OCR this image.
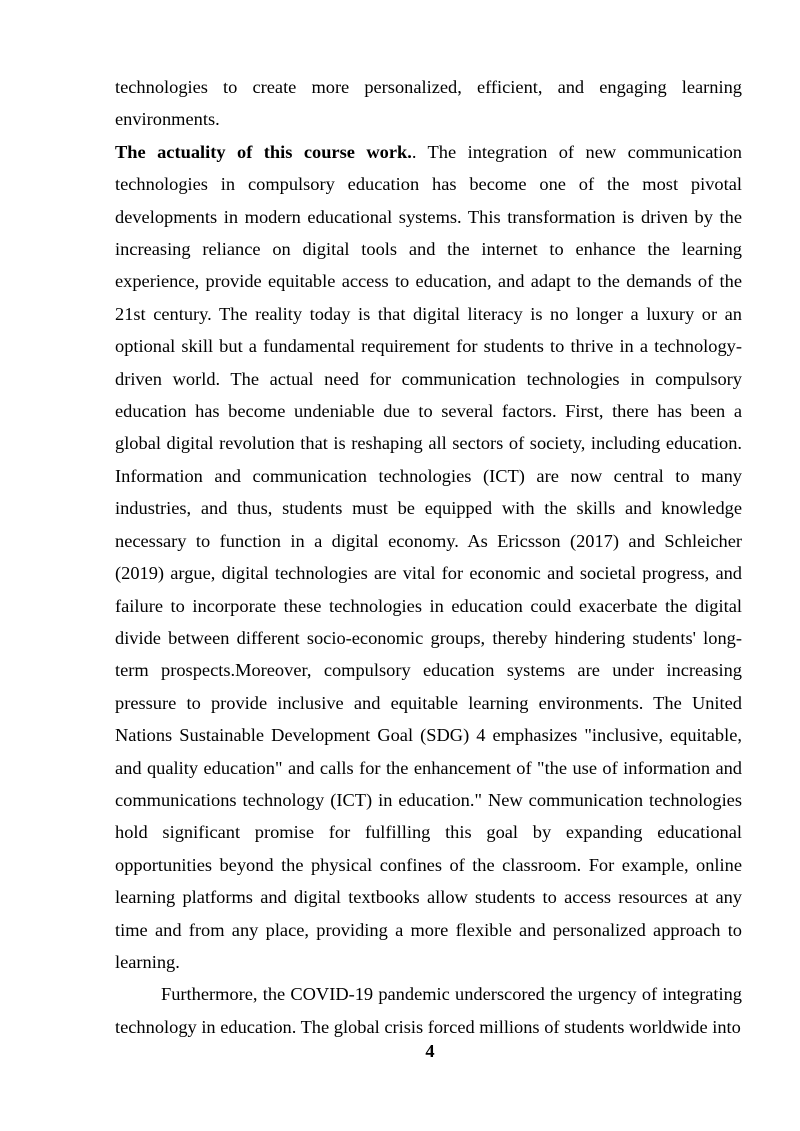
technologies to create more personalized, efficient, and engaging learning environments.

The actuality of this course work.. The integration of new communication technologies in compulsory education has become one of the most pivotal developments in modern educational systems. This transformation is driven by the increasing reliance on digital tools and the internet to enhance the learning experience, provide equitable access to education, and adapt to the demands of the 21st century. The reality today is that digital literacy is no longer a luxury or an optional skill but a fundamental requirement for students to thrive in a technology-driven world. The actual need for communication technologies in compulsory education has become undeniable due to several factors. First, there has been a global digital revolution that is reshaping all sectors of society, including education. Information and communication technologies (ICT) are now central to many industries, and thus, students must be equipped with the skills and knowledge necessary to function in a digital economy. As Ericsson (2017) and Schleicher (2019) argue, digital technologies are vital for economic and societal progress, and failure to incorporate these technologies in education could exacerbate the digital divide between different socio-economic groups, thereby hindering students' long-term prospects.Moreover, compulsory education systems are under increasing pressure to provide inclusive and equitable learning environments. The United Nations Sustainable Development Goal (SDG) 4 emphasizes "inclusive, equitable, and quality education" and calls for the enhancement of "the use of information and communications technology (ICT) in education." New communication technologies hold significant promise for fulfilling this goal by expanding educational opportunities beyond the physical confines of the classroom. For example, online learning platforms and digital textbooks allow students to access resources at any time and from any place, providing a more flexible and personalized approach to learning.

Furthermore, the COVID-19 pandemic underscored the urgency of integrating technology in education. The global crisis forced millions of students worldwide into

4
